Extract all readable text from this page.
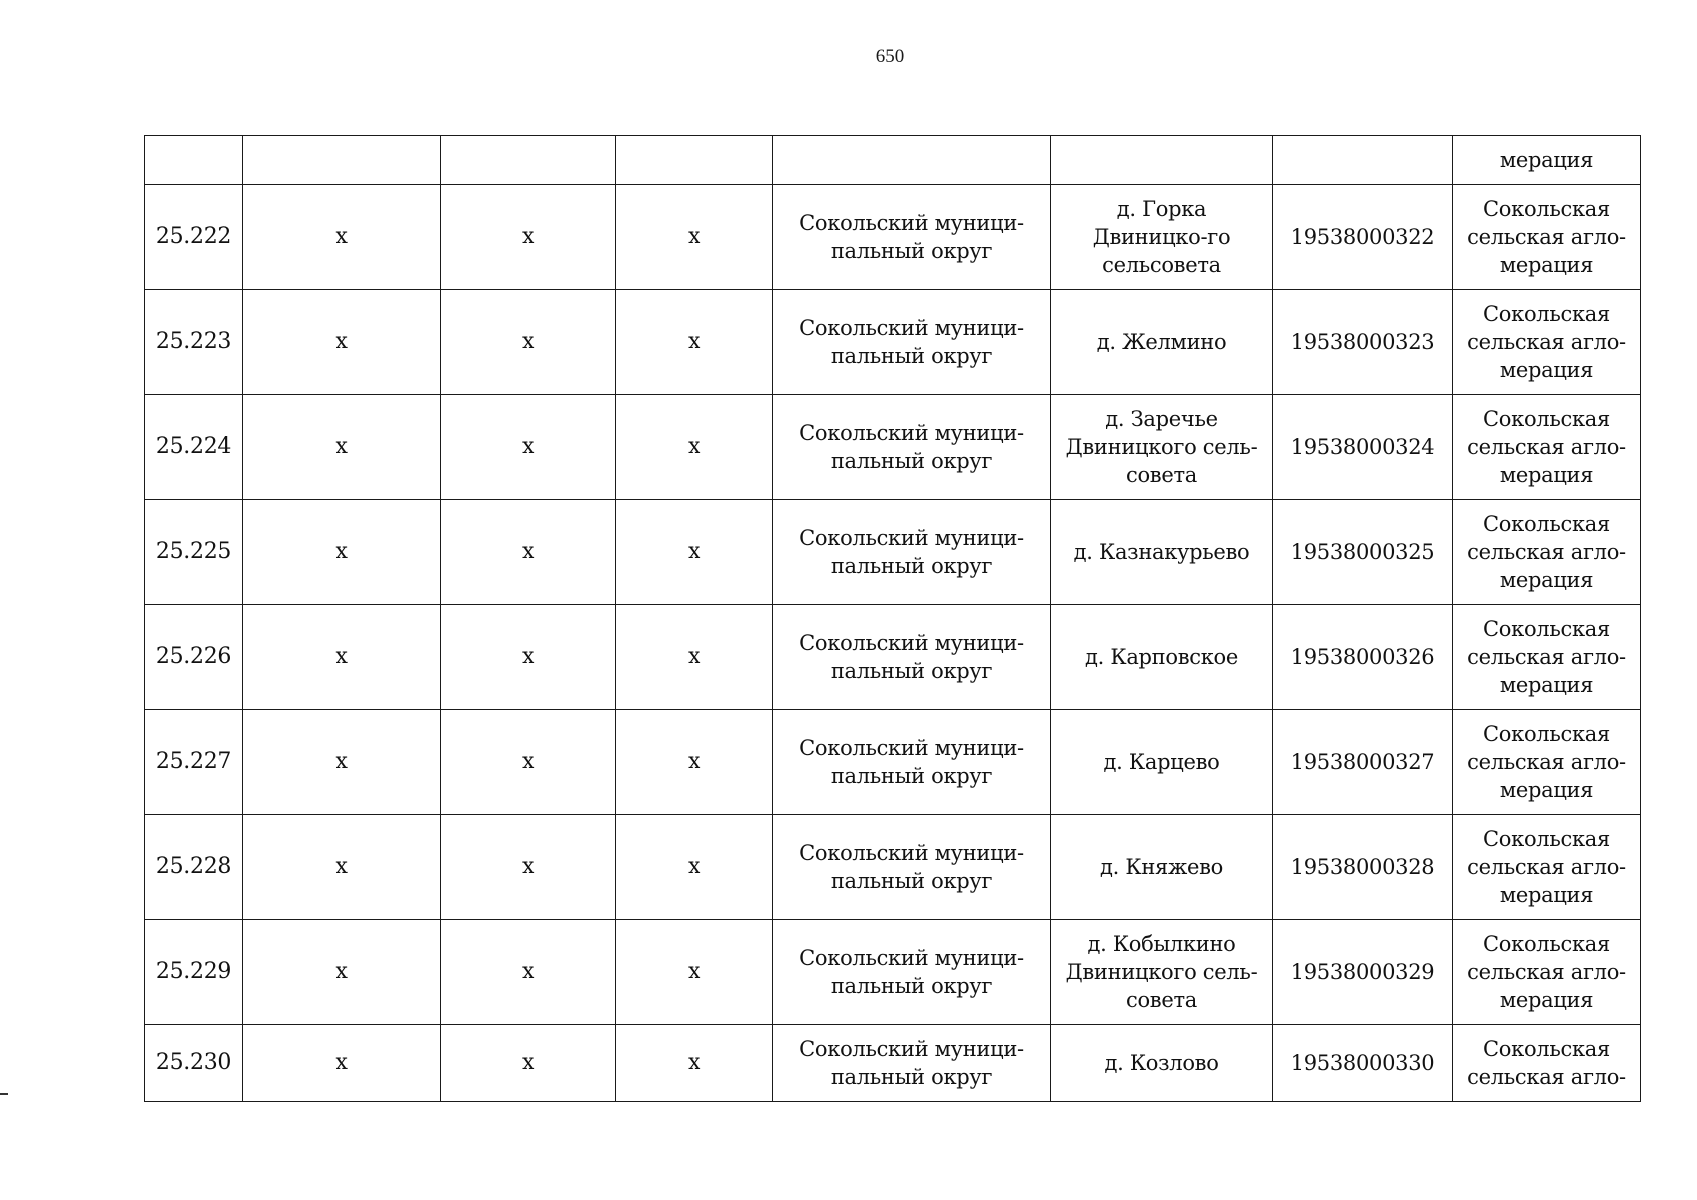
650
							мерация
25.222	х	х	х	Сокольский муници-пальный округ	д. Горка Двиницко-го сельсовета	19538000322	Сокольская сельская агло-мерация
25.223	х	х	х	Сокольский муници-пальный округ	д. Желмино	19538000323	Сокольская сельская агло-мерация
25.224	х	х	х	Сокольский муници-пальный округ	д. Заречье Двиницкого сель-совета	19538000324	Сокольская сельская агло-мерация
25.225	х	х	х	Сокольский муници-пальный округ	д. Казнакурьево	19538000325	Сокольская сельская агло-мерация
25.226	х	х	х	Сокольский муници-пальный округ	д. Карповское	19538000326	Сокольская сельская агло-мерация
25.227	х	х	х	Сокольский муници-пальный округ	д. Карцево	19538000327	Сокольская сельская агло-мерация
25.228	х	х	х	Сокольский муници-пальный округ	д. Княжево	19538000328	Сокольская сельская агло-мерация
25.229	х	х	х	Сокольский муници-пальный округ	д. Кобылкино Двиницкого сель-совета	19538000329	Сокольская сельская агло-мерация
25.230	х	х	х	Сокольский муници-пальный округ	д. Козлово	19538000330	Сокольская сельская агло-
